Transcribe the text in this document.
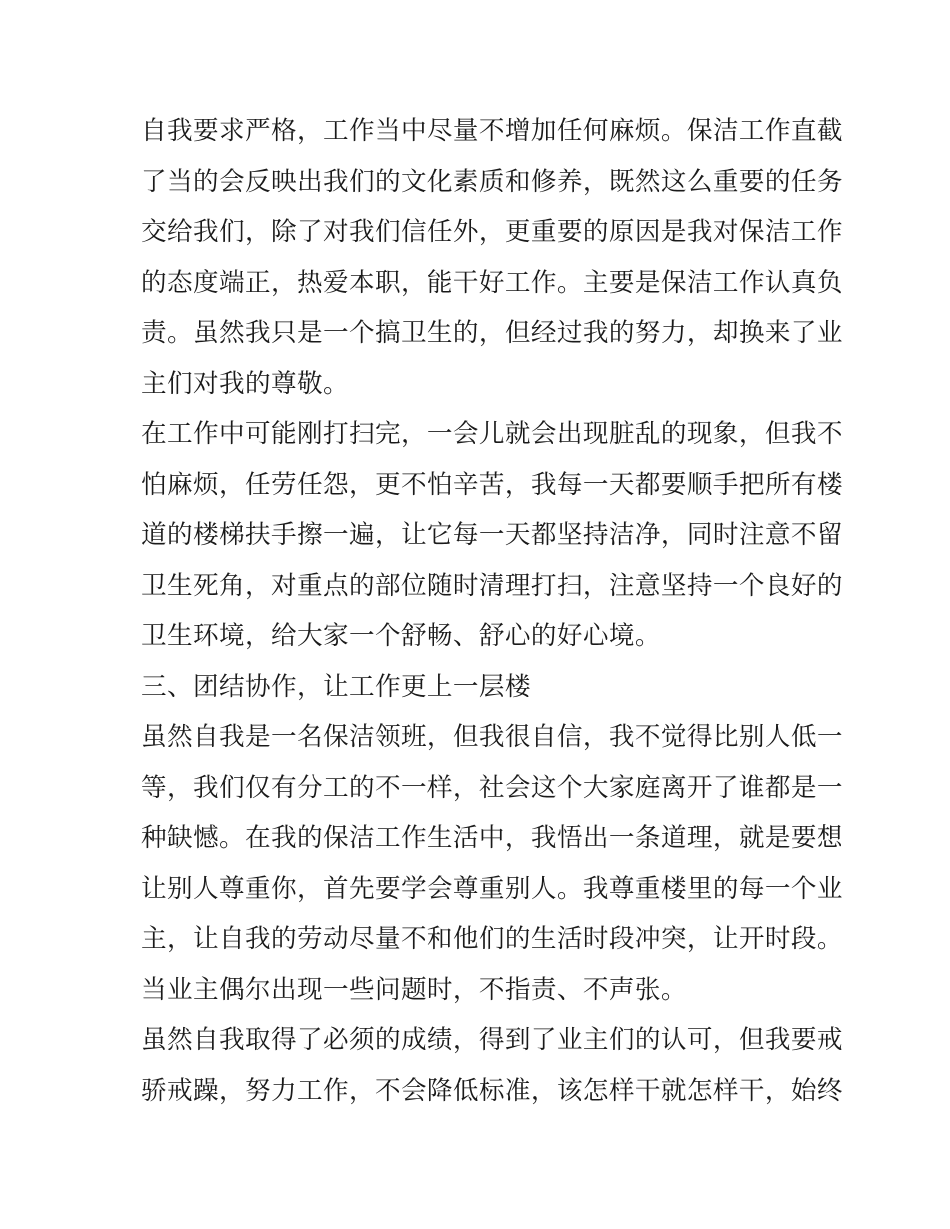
自我要求严格，工作当中尽量不增加任何麻烦。保洁工作直截
了当的会反映出我们的文化素质和修养，既然这么重要的任务
交给我们，除了对我们信任外，更重要的原因是我对保洁工作
的态度端正，热爱本职，能干好工作。主要是保洁工作认真负
责。虽然我只是一个搞卫生的，但经过我的努力，却换来了业
主们对我的尊敬。
在工作中可能刚打扫完，一会儿就会出现脏乱的现象，但我不
怕麻烦，任劳任怨，更不怕辛苦，我每一天都要顺手把所有楼
道的楼梯扶手擦一遍，让它每一天都坚持洁净，同时注意不留
卫生死角，对重点的部位随时清理打扫，注意坚持一个良好的
卫生环境，给大家一个舒畅、舒心的好心境。
三、团结协作，让工作更上一层楼
虽然自我是一名保洁领班，但我很自信，我不觉得比别人低一
等，我们仅有分工的不一样，社会这个大家庭离开了谁都是一
种缺憾。在我的保洁工作生活中，我悟出一条道理，就是要想
让别人尊重你，首先要学会尊重别人。我尊重楼里的每一个业
主，让自我的劳动尽量不和他们的生活时段冲突，让开时段。
当业主偶尔出现一些问题时，不指责、不声张。
虽然自我取得了必须的成绩，得到了业主们的认可，但我要戒
骄戒躁，努力工作，不会降低标准，该怎样干就怎样干，始终
